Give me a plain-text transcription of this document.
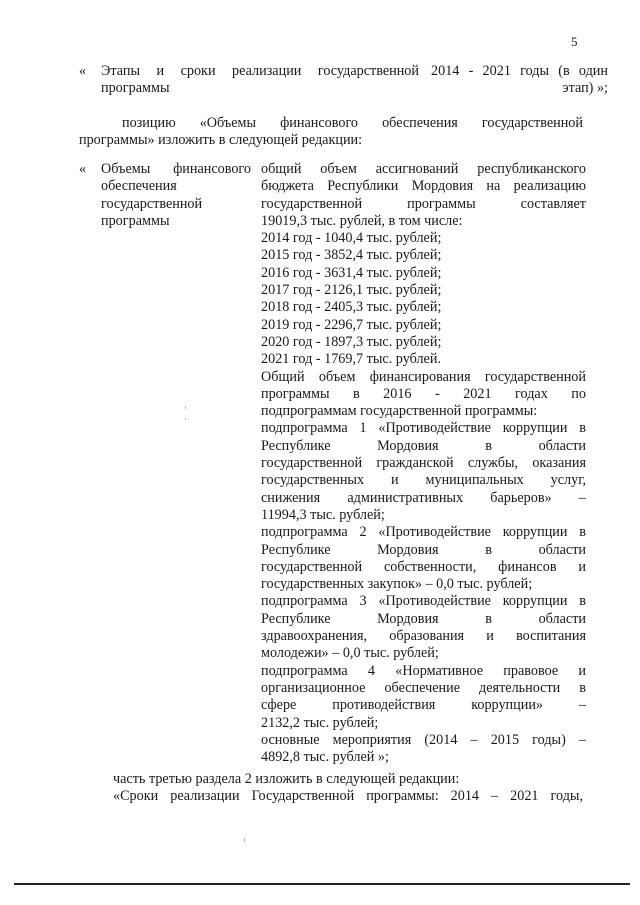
5
«	Этапы и сроки реализации государственной
программы
2014 - 2021 годы (в один
этап) »;
позицию «Объемы финансового обеспечения государственной
программы» изложить в следующей редакции:
«	Объемы финансового
обеспечения
государственной
программы
общий объем ассигнований республиканского
бюджета Республики Мордовия на реализацию
государственной программы составляет
19019,3 тыс. рублей, в том числе:
2014 год - 1040,4 тыс. рублей;
2015 год - 3852,4 тыс. рублей;
2016 год - 3631,4 тыс. рублей;
2017 год - 2126,1 тыс. рублей;
2018 год - 2405,3 тыс. рублей;
2019 год - 2296,7 тыс. рублей;
2020 год - 1897,3 тыс. рублей;
2021 год - 1769,7 тыс. рублей.
Общий объем финансирования государственной
программы в 2016 - 2021 годах по
подпрограммам государственной программы:
подпрограмма 1 «Противодействие коррупции в
Республике Мордовия в области
государственной гражданской службы, оказания
государственных и муниципальных услуг,
снижения административных барьеров» –
11994,3 тыс. рублей;
подпрограмма 2 «Противодействие коррупции в
Республике Мордовия в области
государственной собственности, финансов и
государственных закупок» – 0,0 тыс. рублей;
подпрограмма 3 «Противодействие коррупции в
Республике Мордовия в области
здравоохранения, образования и воспитания
молодежи» – 0,0 тыс. рублей;
подпрограмма 4 «Нормативное правовое и
организационное обеспечение деятельности в
сфере противодействия коррупции» –
2132,2 тыс. рублей;
основные мероприятия (2014 – 2015 годы) –
4892,8 тыс. рублей »;
часть третью раздела 2 изложить в следующей редакции:
«Сроки реализации Государственной программы: 2014 – 2021 годы,
